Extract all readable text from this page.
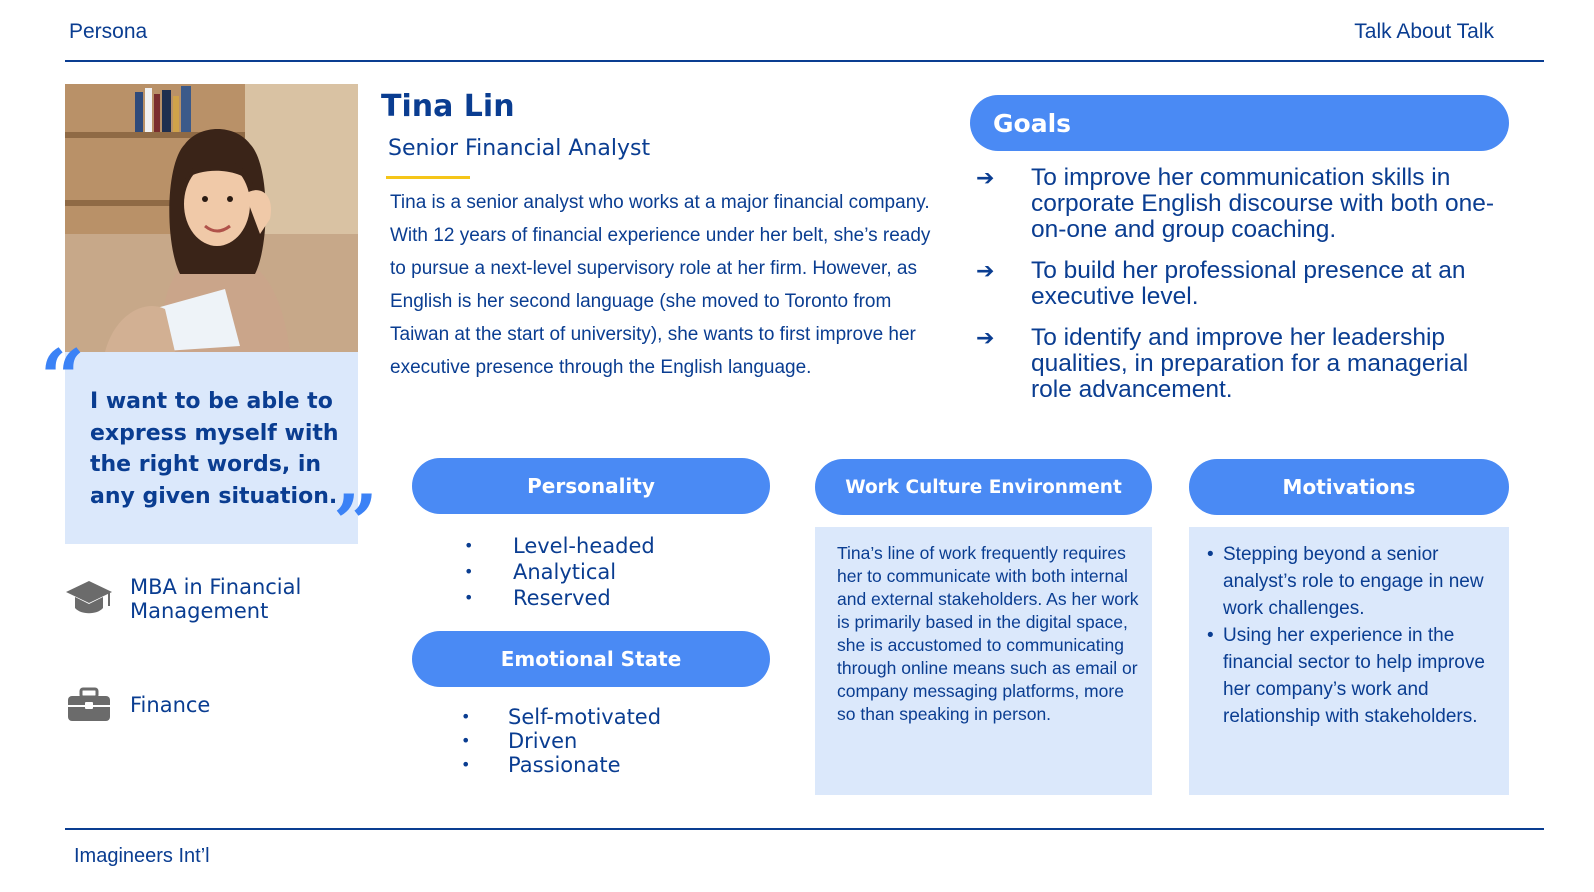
Persona	Talk About Talk
“ I want to be able to express myself with the right words, in any given situation.
”
MBA in Financial Management
Finance
Tina Lin
Senior Financial Analyst
Tina is a senior analyst who works at a major financial company. With 12 years of financial experience under her belt, she’s ready to pursue a next-level supervisory role at her firm. However, as English is her second language (she moved to Toronto from Taiwan at the start of university), she wants to first improve her executive presence through the English language.
Goals
➔ To improve her communication skills in corporate English discourse with both one-on-one and group coaching.
➔ To build her professional presence at an executive level.
➔ To identify and improve her leadership qualities, in preparation for a managerial role advancement.
Personality
• Level-headed
• Analytical
• Reserved
Emotional State
• Self-motivated
• Driven
• Passionate
Work Culture Environment
Tina’s line of work frequently requires her to communicate with both internal and external stakeholders. As her work is primarily based in the digital space, she is accustomed to communicating through online means such as email or company messaging platforms, more so than speaking in person.
Motivations
• Stepping beyond a senior analyst’s role to engage in new work challenges.
• Using her experience in the financial sector to help improve her company’s work and relationship with stakeholders.
Imagineers Int’l
